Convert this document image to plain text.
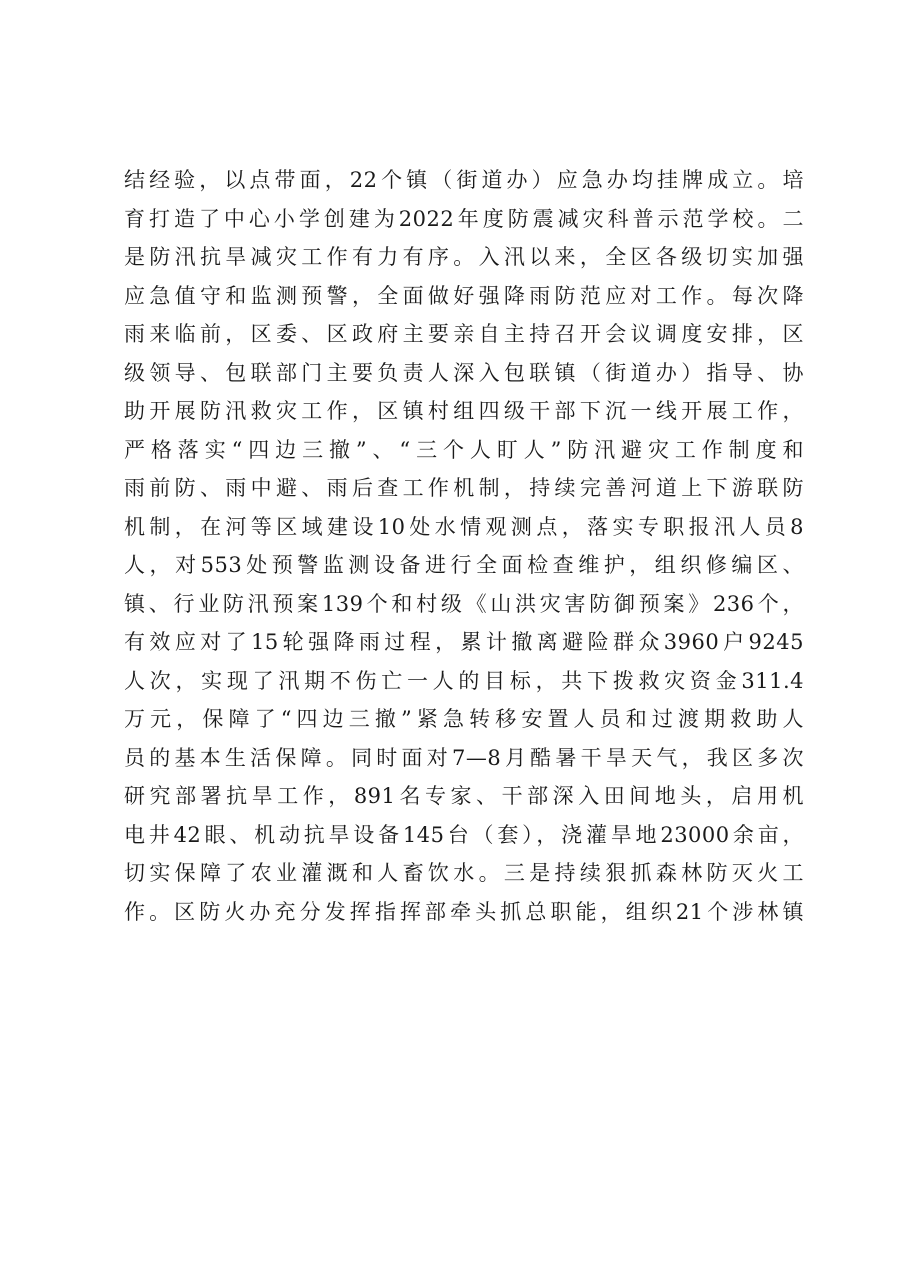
结经验，以点带面，22个镇（街道办）应急办均挂牌成立。培
育打造了中心小学创建为2022年度防震减灾科普示范学校。二
是防汛抗旱减灾工作有力有序。入汛以来，全区各级切实加强
应急值守和监测预警，全面做好强降雨防范应对工作。每次降
雨来临前，区委、区政府主要亲自主持召开会议调度安排，区
级领导、包联部门主要负责人深入包联镇（街道办）指导、协
助开展防汛救灾工作，区镇村组四级干部下沉一线开展工作，
严格落实“四边三撤”、“三个人盯人”防汛避灾工作制度和
雨前防、雨中避、雨后查工作机制，持续完善河道上下游联防
机制，在河等区域建设10处水情观测点，落实专职报汛人员8
人，对553处预警监测设备进行全面检查维护，组织修编区、
镇、行业防汛预案139个和村级《山洪灾害防御预案》236个，
有效应对了15轮强降雨过程，累计撤离避险群众3960户9245
人次，实现了汛期不伤亡一人的目标，共下拨救灾资金311.4
万元，保障了“四边三撤”紧急转移安置人员和过渡期救助人
员的基本生活保障。同时面对7—8月酷暑干旱天气，我区多次
研究部署抗旱工作，891名专家、干部深入田间地头，启用机
电井42眼、机动抗旱设备145台（套），浇灌旱地23000余亩，
切实保障了农业灌溉和人畜饮水。三是持续狠抓森林防灭火工
作。区防火办充分发挥指挥部牵头抓总职能，组织21个涉林镇
